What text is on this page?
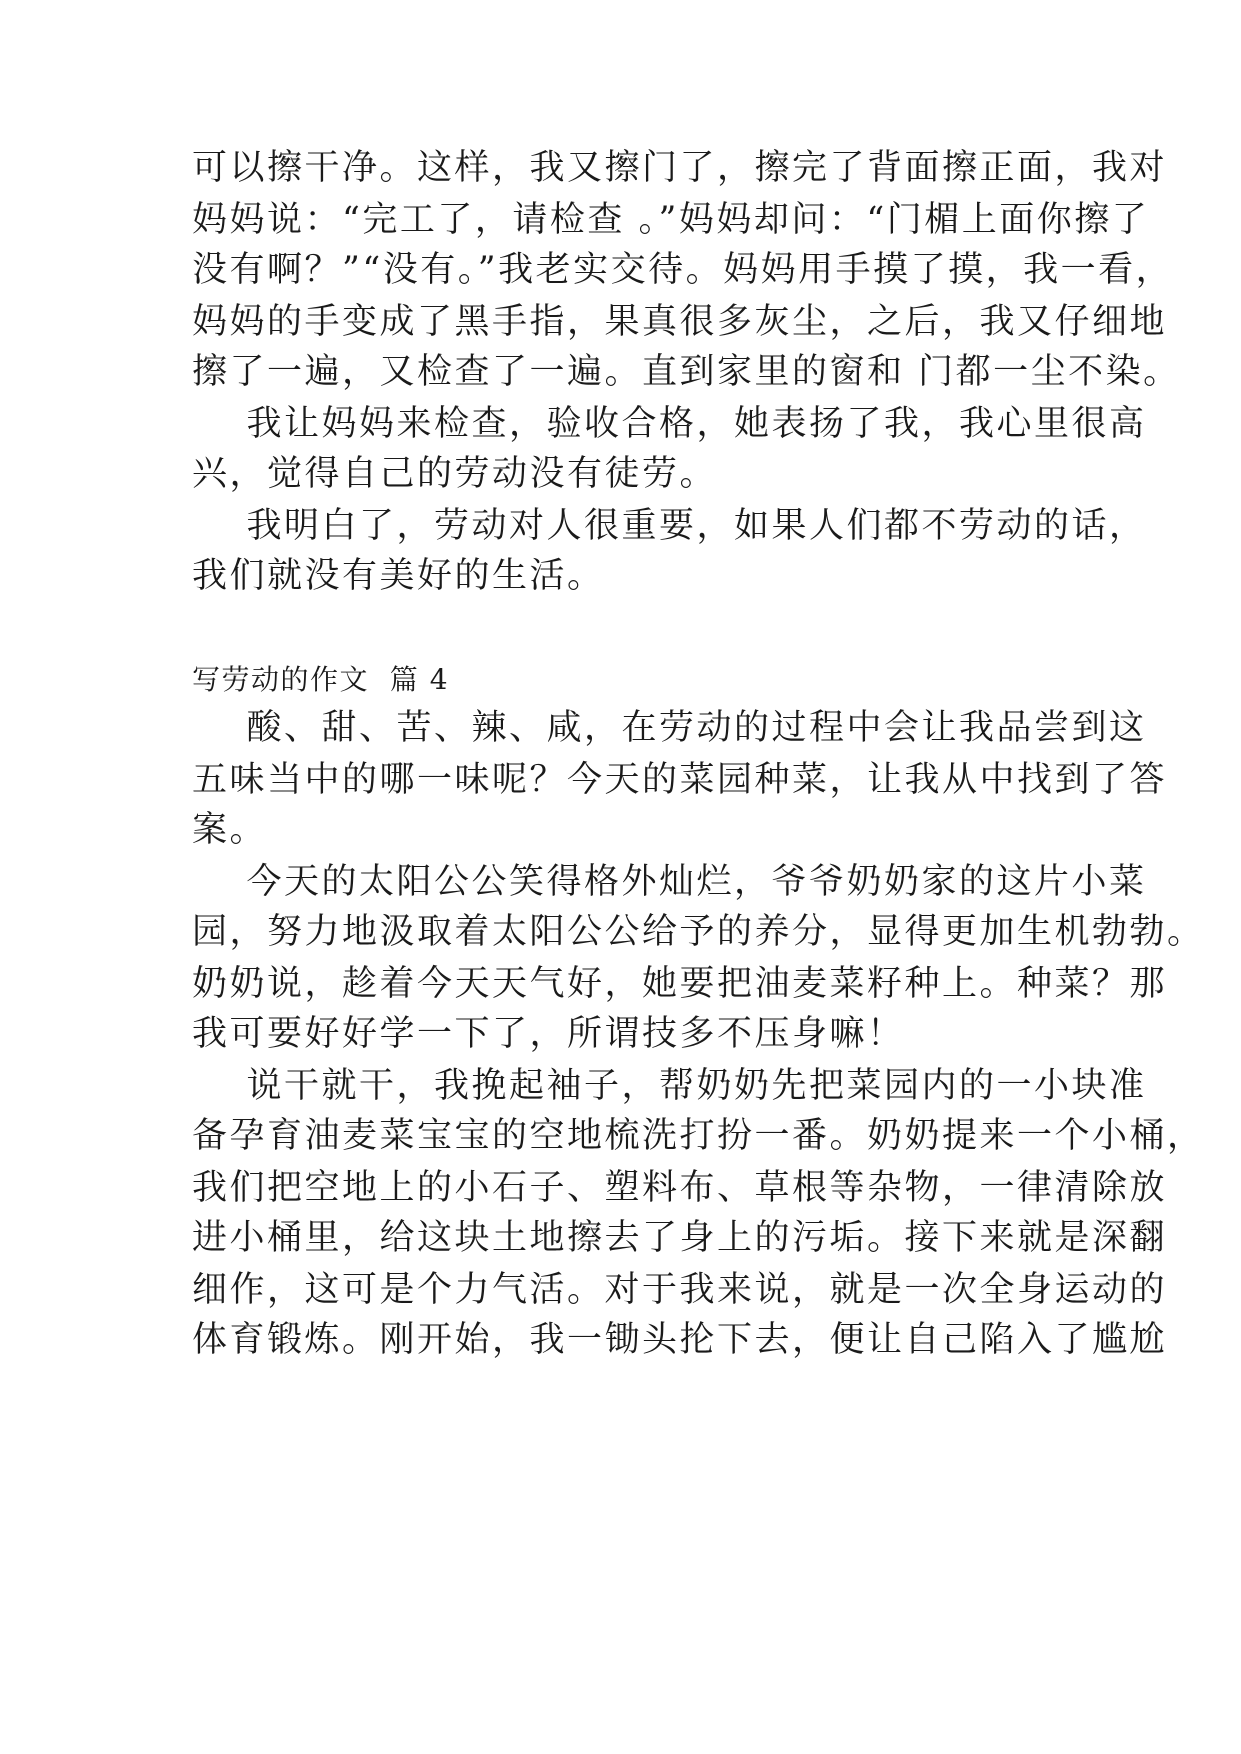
可以擦干净。这样，我又擦门了，擦完了背面擦正面，我对
妈妈说：“完工了，请检查 。”妈妈却问：“门楣上面你擦了
没有啊？”“没有。”我老实交待。妈妈用手摸了摸，我一看，
妈妈的手变成了黑手指，果真很多灰尘，之后，我又仔细地
擦了一遍，又检查了一遍。直到家里的窗和 门都一尘不染。
我让妈妈来检查，验收合格，她表扬了我，我心里很高
兴，觉得自己的劳动没有徒劳。
我明白了，劳动对人很重要，如果人们都不劳动的话，
我们就没有美好的生活。
写劳动的作文  篇 4
酸、甜、苦、辣、咸，在劳动的过程中会让我品尝到这
五味当中的哪一味呢？今天的菜园种菜，让我从中找到了答
案。
今天的太阳公公笑得格外灿烂，爷爷奶奶家的这片小菜
园，努力地汲取着太阳公公给予的养分，显得更加生机勃勃。
奶奶说，趁着今天天气好，她要把油麦菜籽种上。种菜？那
我可要好好学一下了，所谓技多不压身嘛！
说干就干，我挽起袖子，帮奶奶先把菜园内的一小块准
备孕育油麦菜宝宝的空地梳洗打扮一番。奶奶提来一个小桶，
我们把空地上的小石子、塑料布、草根等杂物，一律清除放
进小桶里，给这块土地擦去了身上的污垢。接下来就是深翻
细作，这可是个力气活。对于我来说，就是一次全身运动的
体育锻炼。刚开始，我一锄头抡下去，便让自己陷入了尴尬
